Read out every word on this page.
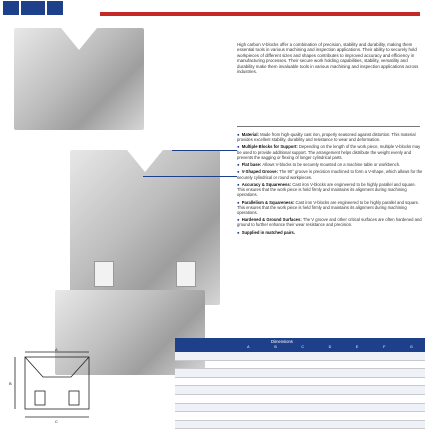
High carbon V-blocks offer a combination of precision, stability and durability, making them essential tools in various machining and inspection applications. Their ability to securely hold workpieces of different sizes and shapes contributes to improved accuracy and efficiency in manufacturing processes. Their secure work holding capabilities, stability, versatility and durability make them invaluable tools in various machining and inspection applications across industries.

● Material: Made from high-quality cast iron, properly seasoned against distortion. This material provides excellent stability, durability and resistance to wear and deformation.

● Multiple Blocks for Support: Depending on the length of the work piece, multiple V-blocks may be used to provide additional support. The arrangement helps distribute the weight evenly and prevents the sagging or flexing of longer cylindrical parts.

● Flat base: Allows V-blocks to be securely mounted on a machine table or workbench.

● V-Shaped Groove: The 90° groove is precision machined to form a V-shape, which allows for the securely cylindrical or round workpieces.

● Accuracy & Squareness: Cast iron V-blocks are engineered to be highly parallel and square. This ensures that the work piece is held firmly and maintains its alignment during machining operations.

● Parallelism & Squareness: Cast iron V-blocks are engineered to be highly parallel and square. This ensures that the work piece is held firmly and maintains its alignment during machining operations.

● Hardened & Ground Surfaces: The V groove and other critical surfaces are often hardened and ground to further enhance their wear resistance and precision.

● Supplied in matched pairs.

A
B
C
Dimensions
A	B	C	D	E	F	G
